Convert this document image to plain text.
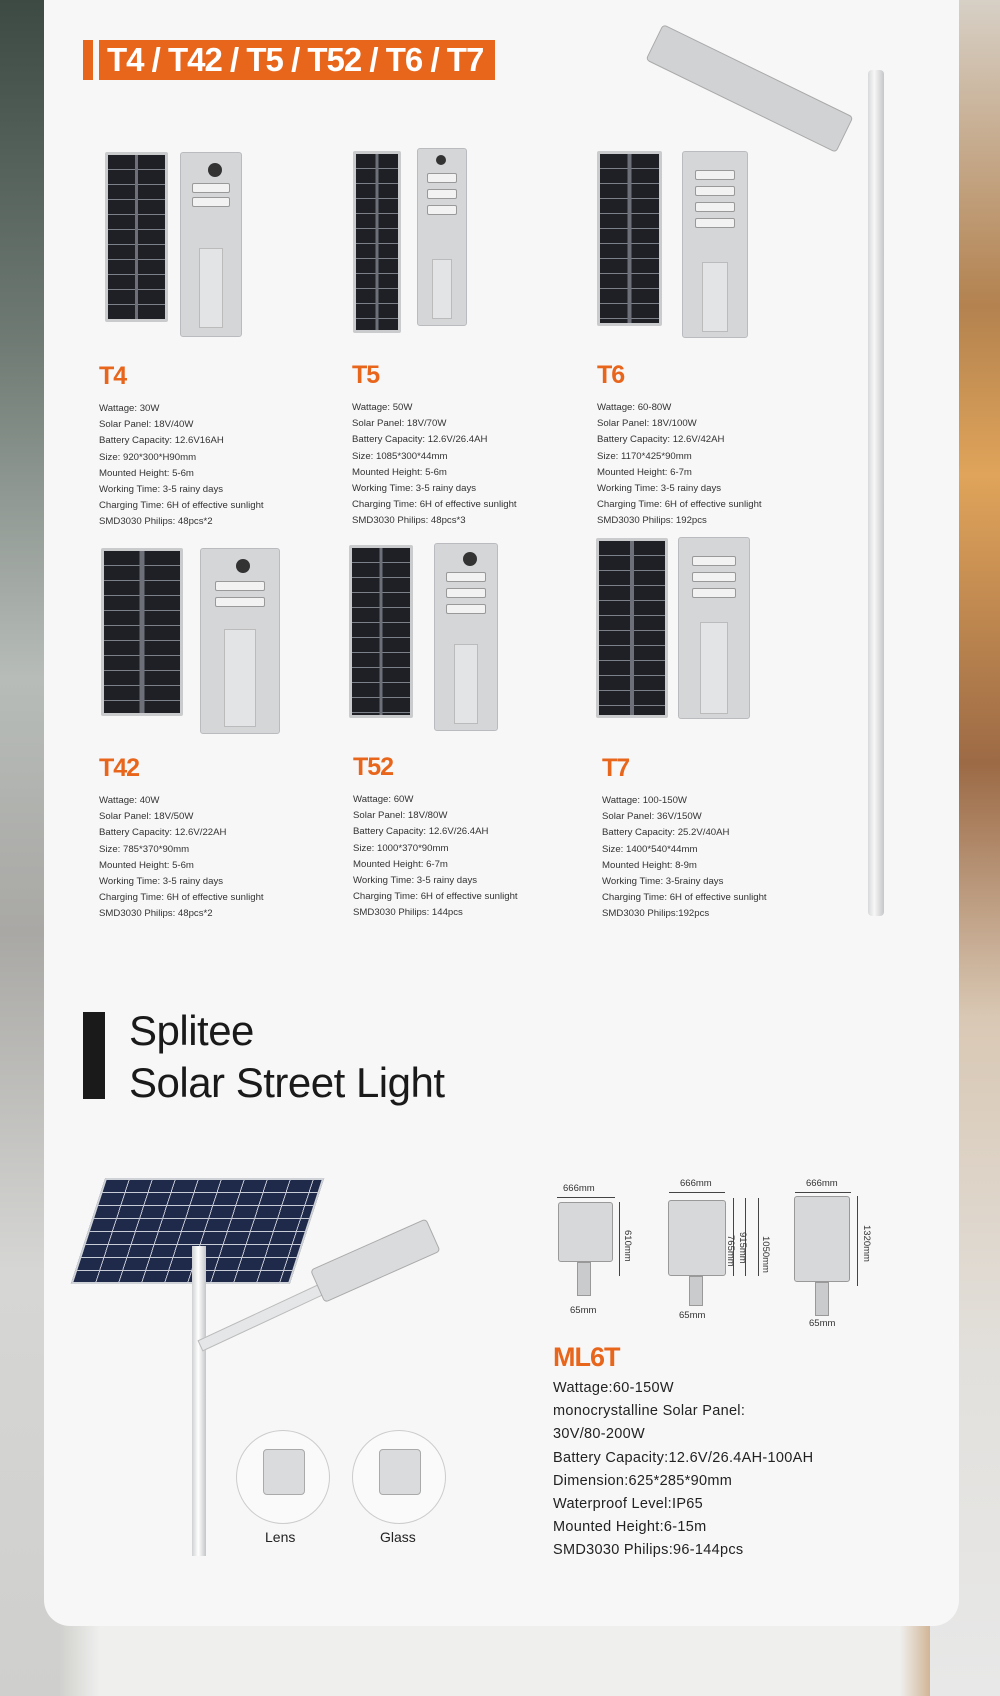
T4 / T42 / T5 / T52 / T6 / T7
T4
Wattage: 30W
Solar Panel: 18V/40W
Battery Capacity: 12.6V16AH
Size: 920*300*H90mm
Mounted Height: 5-6m
Working Time: 3-5 rainy days
Charging Time: 6H of effective sunlight
SMD3030 Philips: 48pcs*2
T5
Wattage: 50W
Solar Panel: 18V/70W
Battery Capacity: 12.6V/26.4AH
Size: 1085*300*44mm
Mounted Height: 5-6m
Working Time: 3-5 rainy days
Charging Time: 6H of effective sunlight
SMD3030 Philips: 48pcs*3
T6
Wattage: 60-80W
Solar Panel: 18V/100W
Battery Capacity: 12.6V/42AH
Size: 1170*425*90mm
Mounted Height: 6-7m
Working Time: 3-5 rainy days
Charging Time: 6H of effective sunlight
SMD3030 Philips: 192pcs
T42
Wattage: 40W
Solar Panel: 18V/50W
Battery Capacity: 12.6V/22AH
Size: 785*370*90mm
Mounted Height: 5-6m
Working Time: 3-5 rainy days
Charging Time: 6H of effective sunlight
SMD3030 Philips: 48pcs*2
T52
Wattage: 60W
Solar Panel: 18V/80W
Battery Capacity: 12.6V/26.4AH
Size: 1000*370*90mm
Mounted Height: 6-7m
Working Time: 3-5 rainy days
Charging Time: 6H of effective sunlight
SMD3030 Philips: 144pcs
T7
Wattage: 100-150W
Solar Panel: 36V/150W
Battery Capacity: 25.2V/40AH
Size: 1400*540*44mm
Mounted Height: 8-9m
Working Time: 3-5rainy days
Charging Time: 6H of effective sunlight
SMD3030 Philips:192pcs
Splitee
Solar Street Light
Lens	Glass
666mm
610mm
65mm
666mm
765mm 915mm 1050mm
65mm
666mm
1320mm
65mm
ML6T
Wattage:60-150W
monocrystalline Solar Panel:
30V/80-200W
Battery Capacity:12.6V/26.4AH-100AH
Dimension:625*285*90mm
Waterproof Level:IP65
Mounted Height:6-15m
SMD3030 Philips:96-144pcs
